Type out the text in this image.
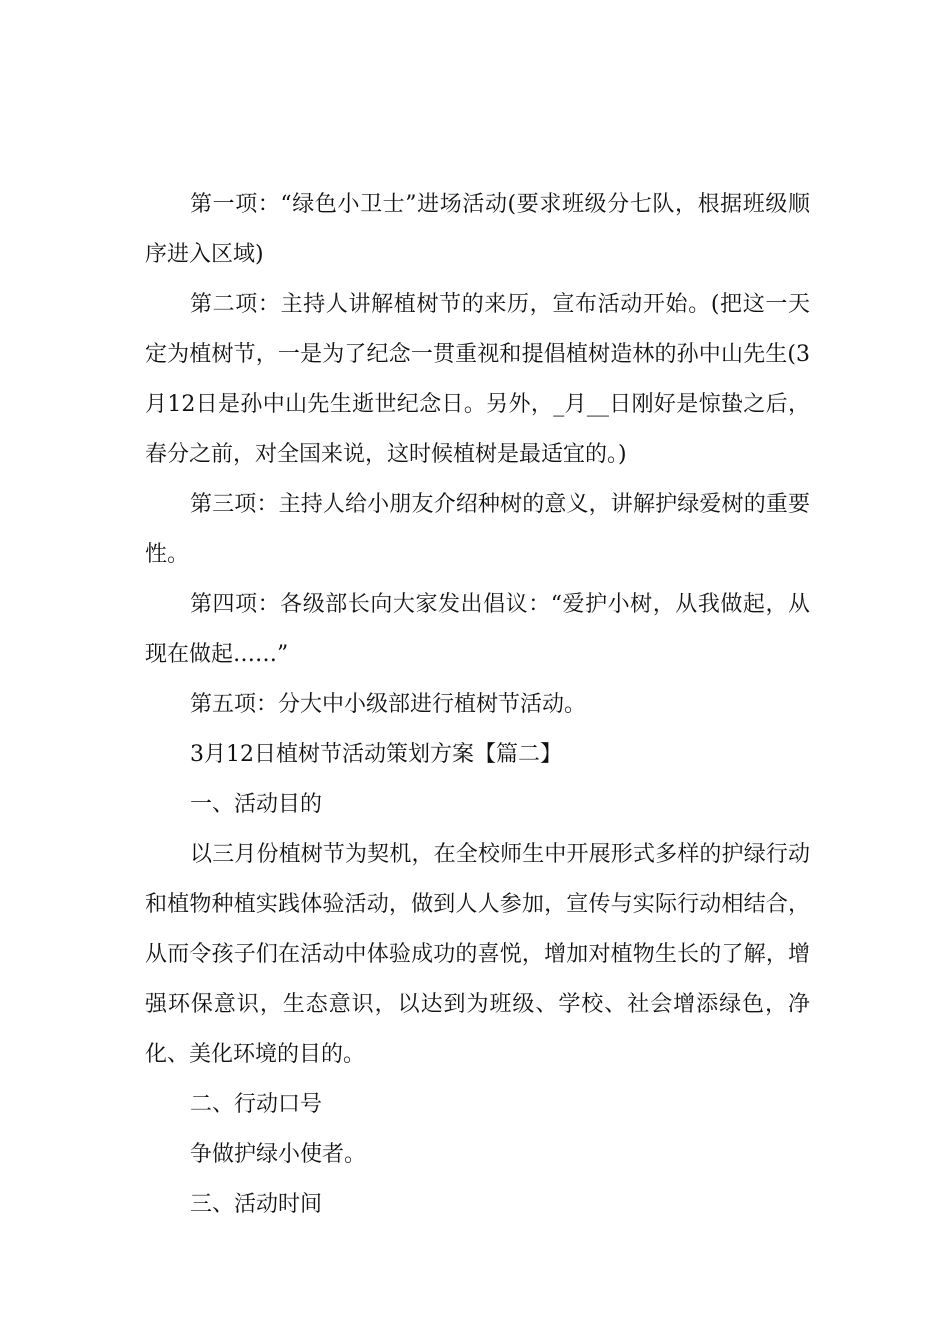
第一项：“绿色小卫士”进场活动(要求班级分七队，根据班级顺序进入区域)

第二项：主持人讲解植树节的来历，宣布活动开始。(把这一天定为植树节，一是为了纪念一贯重视和提倡植树造林的孙中山先生(3月12日是孙中山先生逝世纪念日。另外，_月__日刚好是惊蛰之后，春分之前，对全国来说，这时候植树是最适宜的。)

第三项：主持人给小朋友介绍种树的意义，讲解护绿爱树的重要性。

第四项：各级部长向大家发出倡议：“爱护小树，从我做起，从现在做起……”

第五项：分大中小级部进行植树节活动。

3月12日植树节活动策划方案【篇二】

一、活动目的

以三月份植树节为契机，在全校师生中开展形式多样的护绿行动和植物种植实践体验活动，做到人人参加，宣传与实际行动相结合，从而令孩子们在活动中体验成功的喜悦，增加对植物生长的了解，增强环保意识，生态意识，以达到为班级、学校、社会增添绿色，净化、美化环境的目的。

二、行动口号

争做护绿小使者。

三、活动时间
